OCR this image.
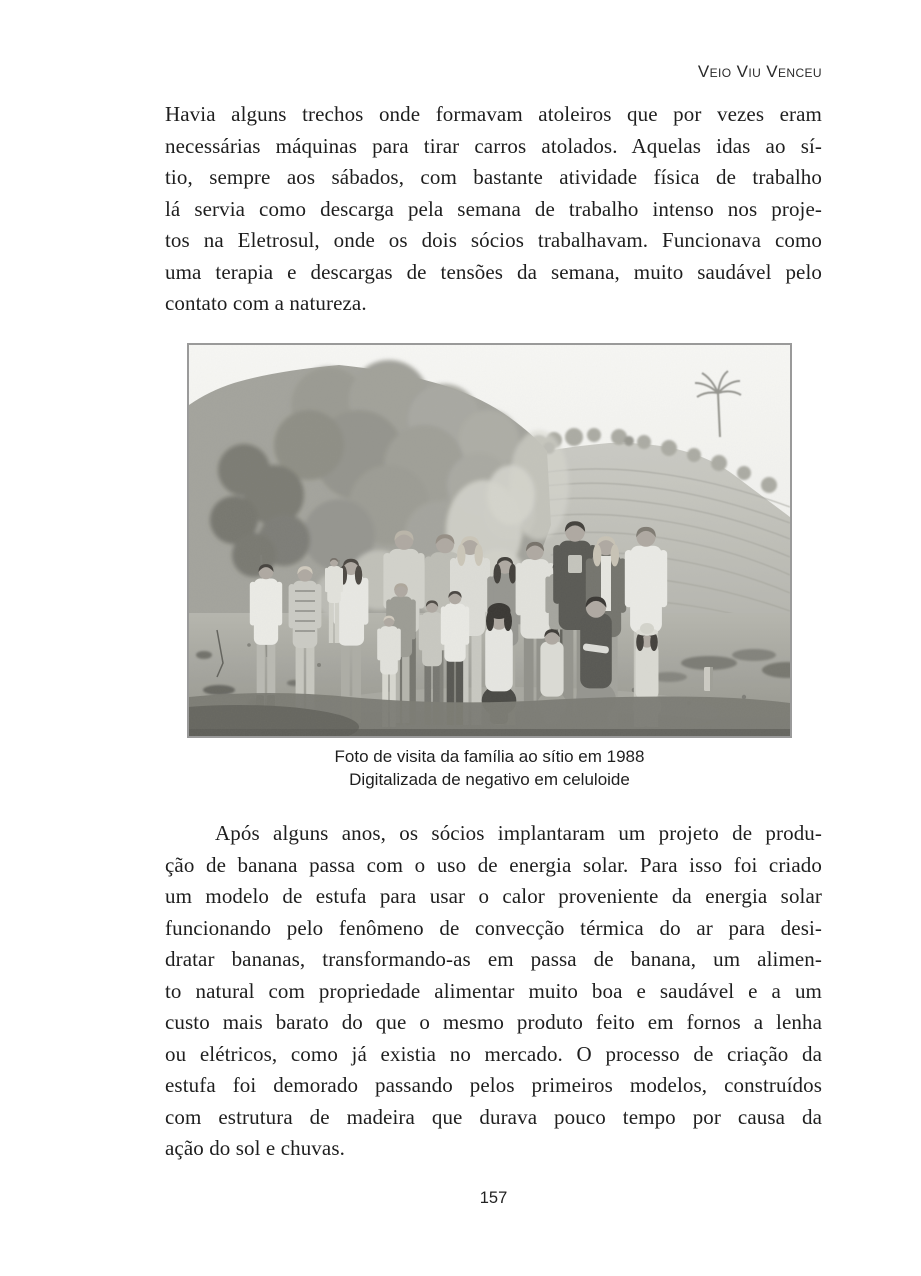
Veio Viu Venceu
Havia alguns trechos onde formavam atoleiros que por vezes eram
necessárias máquinas para tirar carros atolados. Aquelas idas ao sí-
tio, sempre aos sábados, com bastante atividade física de trabalho
lá servia como descarga pela semana de trabalho intenso nos proje-
tos na Eletrosul, onde os dois sócios trabalhavam. Funcionava como
uma terapia e descargas de tensões da semana, muito saudável pelo
contato com a natureza.
Foto de visita da família ao sítio em 1988
Digitalizada de negativo em celuloide
Após alguns anos, os sócios implantaram um projeto de produ-
ção de banana passa com o uso de energia solar. Para isso foi criado
um modelo de estufa para usar o calor proveniente da energia solar
funcionando pelo fenômeno de convecção térmica do ar para desi-
dratar bananas, transformando-as em passa de banana, um alimen-
to natural com propriedade alimentar muito boa e saudável e a um
custo mais barato do que o mesmo produto feito em fornos a lenha
ou elétricos, como já existia no mercado. O processo de criação da
estufa foi demorado passando pelos primeiros modelos, construídos
com estrutura de madeira que durava pouco tempo por causa da
ação do sol e chuvas.
157
